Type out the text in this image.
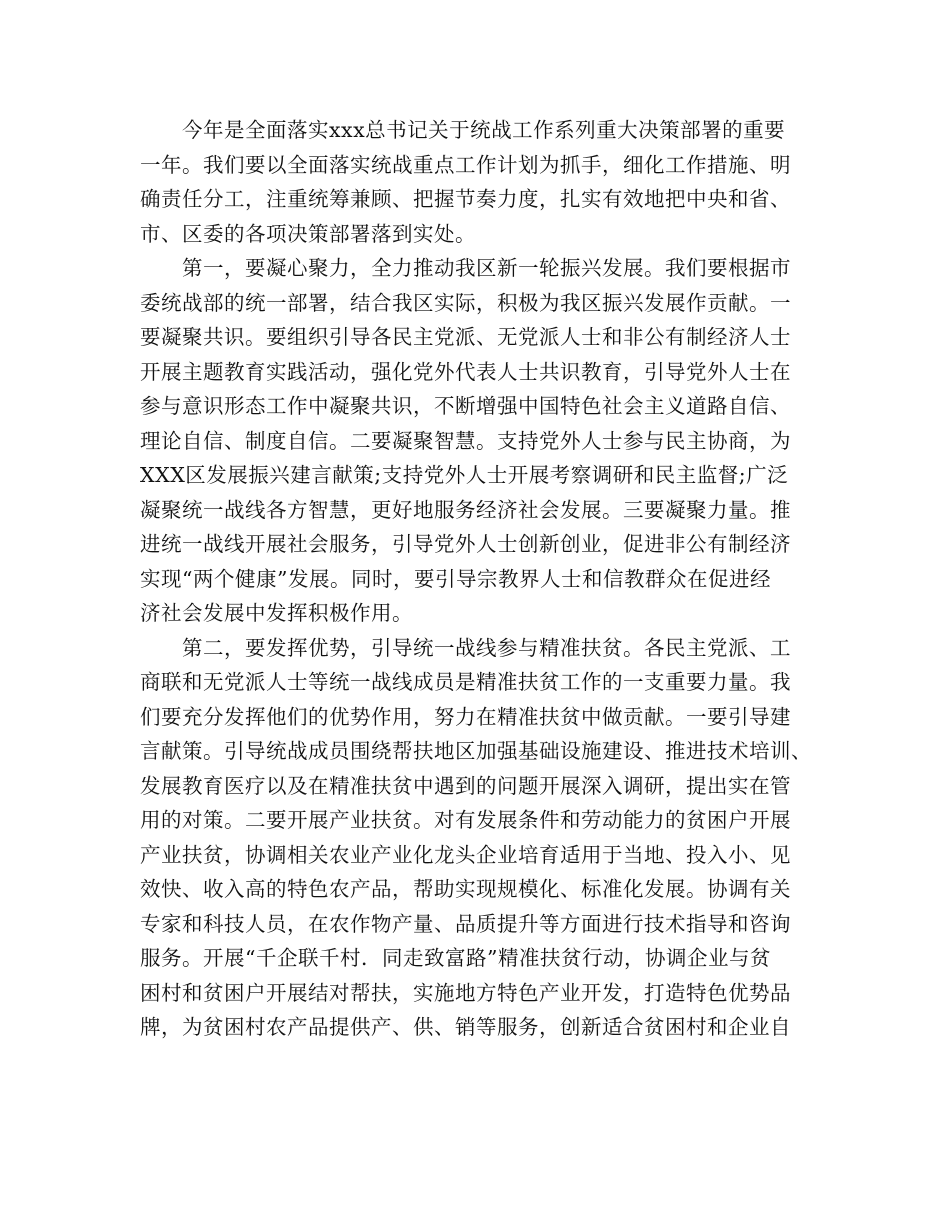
　　今年是全面落实xxx总书记关于统战工作系列重大决策部署的重要
一年。我们要以全面落实统战重点工作计划为抓手，细化工作措施、明
确责任分工，注重统筹兼顾、把握节奏力度，扎实有效地把中央和省、
市、区委的各项决策部署落到实处。

　　第一，要凝心聚力，全力推动我区新一轮振兴发展。我们要根据市
委统战部的统一部署，结合我区实际，积极为我区振兴发展作贡献。一
要凝聚共识。要组织引导各民主党派、无党派人士和非公有制经济人士
开展主题教育实践活动，强化党外代表人士共识教育，引导党外人士在
参与意识形态工作中凝聚共识，不断增强中国特色社会主义道路自信、
理论自信、制度自信。二要凝聚智慧。支持党外人士参与民主协商，为
XXX区发展振兴建言献策;支持党外人士开展考察调研和民主监督;广泛
凝聚统一战线各方智慧，更好地服务经济社会发展。三要凝聚力量。推
进统一战线开展社会服务，引导党外人士创新创业，促进非公有制经济
实现“两个健康”发展。同时，要引导宗教界人士和信教群众在促进经
济社会发展中发挥积极作用。

　　第二，要发挥优势，引导统一战线参与精准扶贫。各民主党派、工
商联和无党派人士等统一战线成员是精准扶贫工作的一支重要力量。我
们要充分发挥他们的优势作用，努力在精准扶贫中做贡献。一要引导建
言献策。引导统战成员围绕帮扶地区加强基础设施建设、推进技术培训、
发展教育医疗以及在精准扶贫中遇到的问题开展深入调研，提出实在管
用的对策。二要开展产业扶贫。对有发展条件和劳动能力的贫困户开展
产业扶贫，协调相关农业产业化龙头企业培育适用于当地、投入小、见
效快、收入高的特色农产品，帮助实现规模化、标准化发展。协调有关
专家和科技人员，在农作物产量、品质提升等方面进行技术指导和咨询
服务。开展“千企联千村．同走致富路”精准扶贫行动，协调企业与贫
困村和贫困户开展结对帮扶，实施地方特色产业开发，打造特色优势品
牌，为贫困村农产品提供产、供、销等服务，创新适合贫困村和企业自
